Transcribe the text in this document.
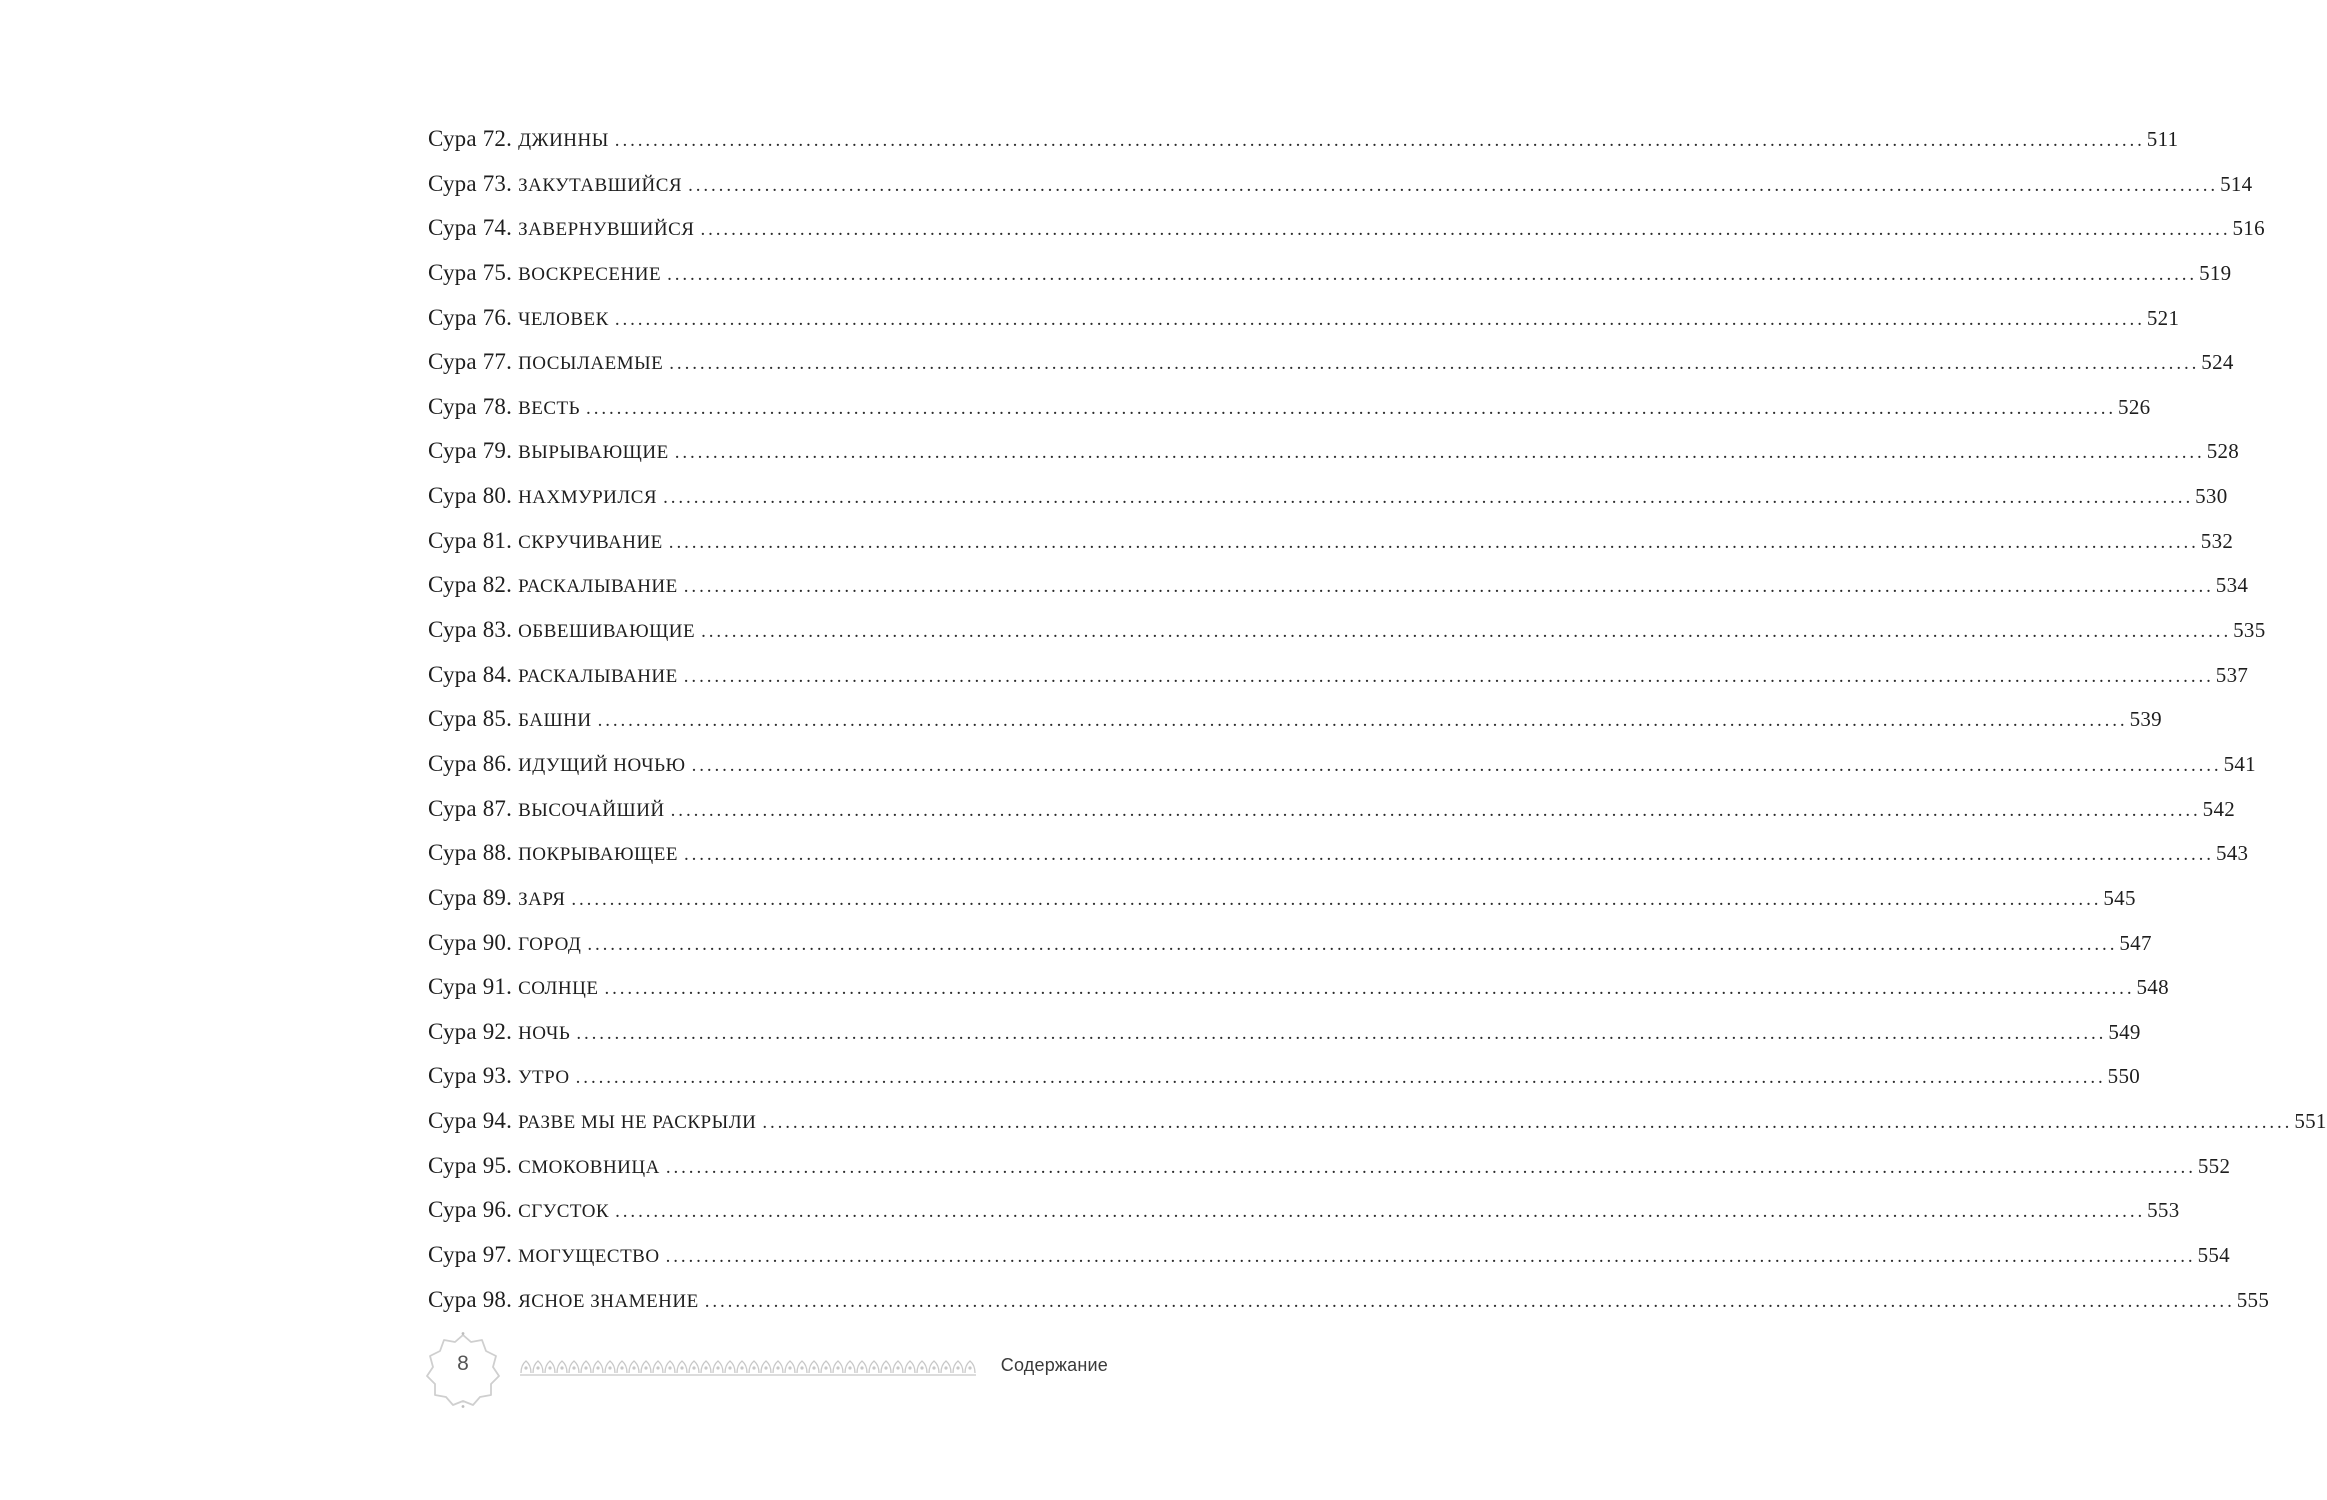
Сура 72. ДЖИННЫ ........................................................................................................................................................................................................ 511
Сура 73. ЗАКУТАВШИЙСЯ ........................................................................................................................................................................................................ 514
Сура 74. ЗАВЕРНУВШИЙСЯ ........................................................................................................................................................................................................ 516
Сура 75. ВОСКРЕСЕНИЕ ........................................................................................................................................................................................................ 519
Сура 76. ЧЕЛОВЕК ........................................................................................................................................................................................................ 521
Сура 77. ПОСЫЛАЕМЫЕ ........................................................................................................................................................................................................ 524
Сура 78. ВЕСТЬ ........................................................................................................................................................................................................ 526
Сура 79. ВЫРЫВАЮЩИЕ ........................................................................................................................................................................................................ 528
Сура 80. НАХМУРИЛСЯ ........................................................................................................................................................................................................ 530
Сура 81. СКРУЧИВАНИЕ ........................................................................................................................................................................................................ 532
Сура 82. РАСКАЛЫВАНИЕ ........................................................................................................................................................................................................ 534
Сура 83. ОБВЕШИВАЮЩИЕ ........................................................................................................................................................................................................ 535
Сура 84. РАСКАЛЫВАНИЕ ........................................................................................................................................................................................................ 537
Сура 85. БАШНИ ........................................................................................................................................................................................................ 539
Сура 86. ИДУЩИЙ НОЧЬЮ ........................................................................................................................................................................................................ 541
Сура 87. ВЫСОЧАЙШИЙ ........................................................................................................................................................................................................ 542
Сура 88. ПОКРЫВАЮЩЕЕ ........................................................................................................................................................................................................ 543
Сура 89. ЗАРЯ ........................................................................................................................................................................................................ 545
Сура 90. ГОРОД ........................................................................................................................................................................................................ 547
Сура 91. СОЛНЦЕ ........................................................................................................................................................................................................ 548
Сура 92. НОЧЬ ........................................................................................................................................................................................................ 549
Сура 93. УТРО ........................................................................................................................................................................................................ 550
Сура 94. РАЗВЕ МЫ НЕ РАСКРЫЛИ ........................................................................................................................................................................................................ 551
Сура 95. СМОКОВНИЦА ........................................................................................................................................................................................................ 552
Сура 96. СГУСТОК ........................................................................................................................................................................................................ 553
Сура 97. МОГУЩЕСТВО ........................................................................................................................................................................................................ 554
Сура 98. ЯСНОЕ ЗНАМЕНИЕ ........................................................................................................................................................................................................ 555
8	Содержание
